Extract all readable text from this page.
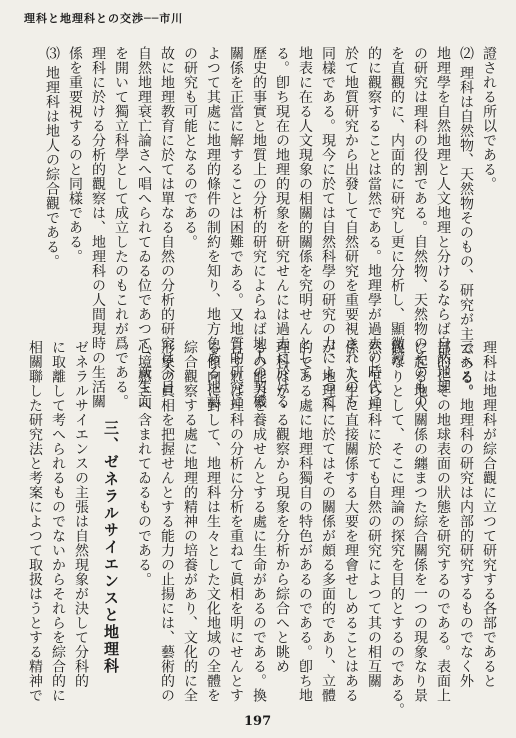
理科と地理科との交渉──市川
證される所以である。
⑵ 理科は自然物、天然物そのもの、研究が主である。
地理學を自然地理と人文地理と分けるならば自然地理
の研究は理科の役割である。自然物、天然物のそのもの
を直觀的に、内面的に研究し更に分析し、顯微鏡
的に觀察することは當然である。地理學が過去の時代に
於て地質研究から出發して自然研究を重要視されたのも
同樣である。現今に於ては自然科學の研究の力によつて
地表に在る人文現象の相關的關係を究明せんとして
る。卽ち現在の地理的現象を研究せんには過去に於ける
歷史的事實と地質上の分析的研究によらねば地人の契機
關係を正當に解することは困難である。又地質的研究に
よつて其處に地理的條件の制約を知り、地方色ある地誌
の研究も可能となるのである。
故に地理教育に於ては單なる自然の分析的研究は今日
自然地理衰亡論さへ唱へられてゐる位であつて、新生面
を開いて獨立科學として成立したのもこれが爲である。
理科に於ける分析的觀察は、地理科の人間現時の生活關
係を重要視するのと同樣である。
⑶ 地理科は地人の綜合觀である。
理科は地理科が綜合觀に立つて研究する各部であると
云へる。地理科の研究は内部的研究するものでなく外
部的にその地球表面の狀態を研究するのである。表面上
に起る地人關係の纏まつた綜合關係を一つの現象なり景
觀なりとして、そこに理論の探究を目的とするのである。
然し乍ら理科に於ても自然の研究によつて其の相互關
係、人生に直接關係する大要を理會せしめることはある
が、地理科に於てはその關係が頗る多面的であり、立體
的である處に地理科獨自の特色があるのである。卽ち地
理科はかゝる觀察から現象を分析から綜合へと眺め
るの能力を養成せんとする處に生命があるのである。換
言すれば理科の分析に分析を重ねて眞相を明にせんとす
る傾向に對して、地理科は生々とした文化地域の全體を
綜合觀察する處に地理的精神の培養があり、文化的に全
形象の眞相を把握せんとする能力の止揚には、藝術的の
心境感さへ含まれてゐるものである。
三、ゼネラルサイエンスと地理科
ゼネラルサイエンスの主張は自然現象が決して分科的
に取離して考へられるものでないからそれらを綜合的に
相關聯した研究法と考案によつて取扱はうとする精神で
197
